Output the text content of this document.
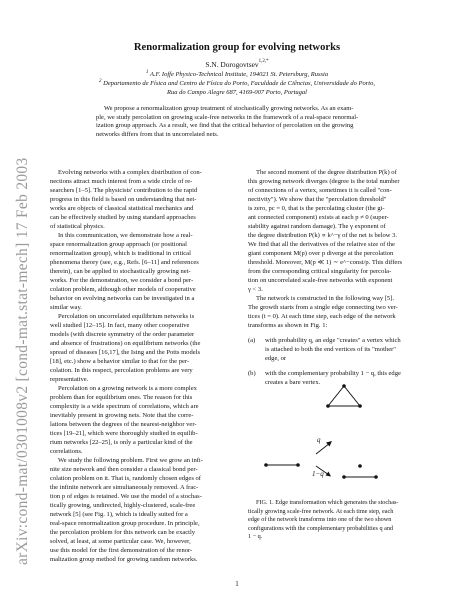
arXiv:cond-mat/0301008v2 [cond-mat.stat-mech] 17 Feb 2003
Renormalization group for evolving networks
S.N. Dorogovtsev$^{1,2,*}$
$^1$ A.F. Ioffe Physico-Technical Institute, 194021 St. Petersburg, Russia
$^2$ Departamento de Física and Centro de Física do Porto, Faculdade de Ciências, Universidade do Porto,
Rua do Campo Alegre 687, 4169-007 Porto, Portugal
We propose a renormalization group treatment of stochastically growing networks. As an exam-
ple, we study percolation on growing scale-free networks in the framework of a real-space renormal-
ization group approach. As a result, we find that the critical behavior of percolation on the growing
networks differs from that in uncorrelated nets.
Evolving networks with a complex distribution of con-
nections attract much interest from a wide circle of re-
searchers [1–5]. The physicists' contribution to the rapid
progress in this field is based on understanding that net-
works are objects of classical statistical mechanics and
can be effectively studied by using standard approaches
of statistical physics.
In this communication, we demonstrate how a real-
space renormalization group approach (or positional
renormalization group), which is traditional in critical
phenomena theory (see, e.g., Refs. [6–11] and references
therein), can be applied to stochastically growing net-
works. For the demonstration, we consider a bond per-
colation problem, although other models of cooperative
behavior on evolving networks can be investigated in a
similar way.
Percolation on uncorrelated equilibrium networks is
well studied [12–15]. In fact, many other cooperative
models (with discrete symmetry of the order parameter
and absence of frustrations) on equilibrium networks (the
spread of diseases [16,17], the Ising and the Potts models
[18], etc.) show a behavior similar to that for the per-
colation. In this respect, percolation problems are very
representative.
Percolation on a growing network is a more complex
problem than for equilibrium ones. The reason for this
complexity is a wide spectrum of correlations, which are
inevitably present in growing nets. Note that the corre-
lations between the degrees of the nearest-neighbor ver-
tices [19–21], which were thoroughly studied in equilib-
rium networks [22–25], is only a particular kind of the
correlations.
We study the following problem. First we grow an infi-
nite size network and then consider a classical bond per-
colation problem on it. That is, randomly chosen edges of
the infinite network are simultaneously removed. A frac-
tion p of edges is retained. We use the model of a stochas-
tically growing, undirected, highly-clustered, scale-free
network [5] (see Fig. 1), which is ideally suited for a
real-space renormalization group procedure. In principle,
the percolation problem for this network can be exactly
solved, at least, at some particular case. We, however,
use this model for the first demonstration of the renor-
malization group method for growing random networks.
The second moment of the degree distribution P(k) of
this growing network diverges (degree is the total number
of connections of a vertex, sometimes it is called "con-
nectivity"). We show that the "percolation threshold"
is zero, pc = 0, that is the percolating cluster (the gi-
ant connected component) exists at each p ≠ 0 (super-
stability against random damage). The γ exponent of
the degree distribution P(k) ∝ k^−γ of the net is below 3.
We find that all the derivatives of the relative size of the
giant component M(p) over p diverge at the percolation
threshold. Moreover, M(p ≪ 1) ∼ e^−const/p. This differs
from the corresponding critical singularity for percola-
tion on uncorrelated scale-free networks with exponent
γ < 3.
The network is constructed in the following way [5].
The growth starts from a single edge connecting two ver-
tices (t = 0). At each time step, each edge of the network
transforms as shown in Fig. 1:
(a)	with probability q, an edge "creates" a vertex which
is attached to both the end vertices of its "mother"
edge, or
(b)	with the complementary probability 1 − q, this edge
creates a bare vertex.
q
1−q
FIG. 1. Edge transformation which generates the stochas-
tically growing scale-free network. At each time step, each
edge of the network transforms into one of the two shown
configurations with the complementary probabilities q and
1 − q.
1
